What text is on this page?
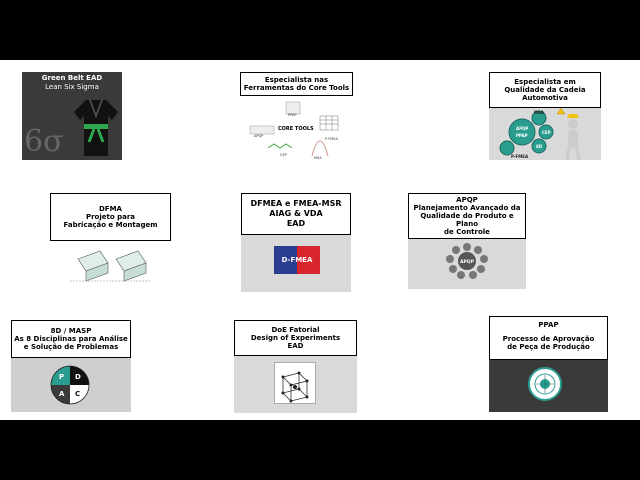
Green Belt EAD
Lean Six Sigma
6σ
Especialista nas
Ferramentas do Core Tools
PPAP
APQP
P-FMEA
CEP
MSA
CORE TOOLS
Especialista em
Qualidade da Cadeia
Automotiva
MSA
APQP
PPAP
CEP
8D
P-FMEA
DFMA
Projeto para
Fabricação e Montagem
DFMEA e FMEA-MSR
AIAG & VDA
EAD
D-FMEA
APQP
Planejamento Avançado da
Qualidade do Produto e Plano
de Controle
APQP
8D / MASP
As 8 Disciplinas para Análise
e Solução de Problemas
P D
A C
DoE Fatorial
Design of Experiments
EAD
PPAP
Processo de Aprovação
de Peça de Produção
